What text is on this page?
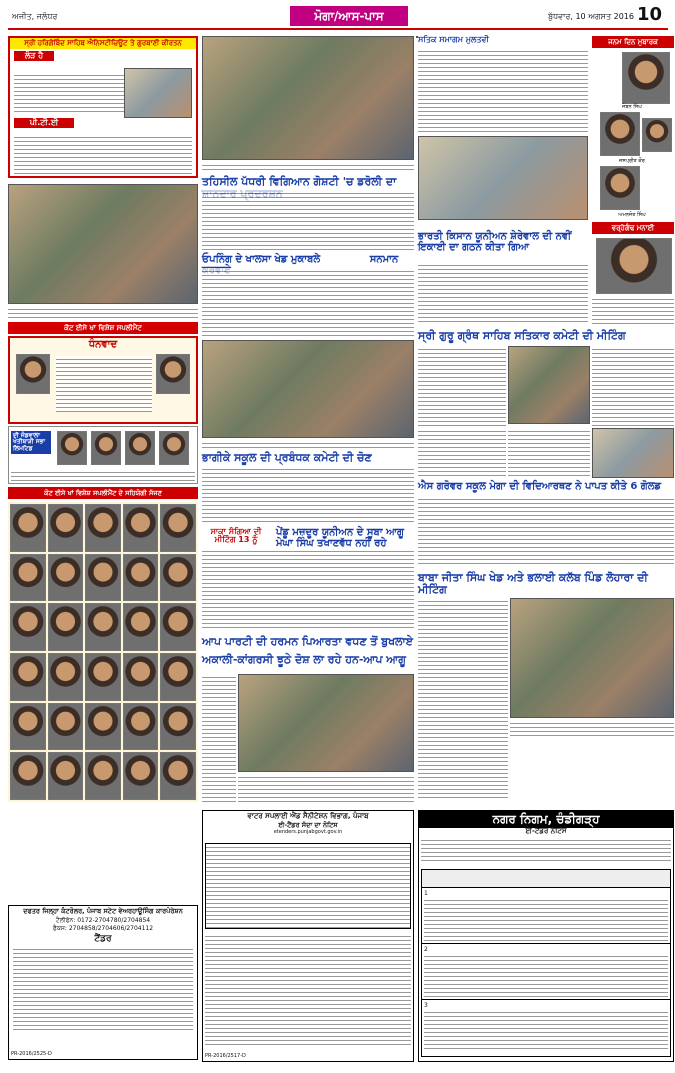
ਅਜੀਤ, ਜਲੰਧਰ	ਮੋਗਾ/ਆਸ-ਪਾਸ	ਬੁੱਧਵਾਰ, 10 ਅਗਸਤ 2016 10
ਸ੍ਰੀ ਹਰਿਗੋਬਿੰਦ ਸਾਹਿਬ ਐਨਿਸਟੀਚਿਊਟ ਤੇ ਗੁਰਬਾਣੀ ਕੀਰਤਨ
ਲੋੜ ਹੈ
ਪੀ.ਟੀ.ਈ
ਕੋਟ ਈਸੇ ਖਾਂ ਵਿਸ਼ੇਸ਼ ਸਪਲੀਮੈਂਟ
ਧੰਨਵਾਦ
ਦੀ ਜੰਡਵਾਲਾ ਖੇਤੀਬਾੜੀ ਸਭਾ ਲਿਮਟਿਡ
ਕੋਟ ਈਸੇ ਖਾਂ ਵਿਸ਼ੇਸ਼ ਸਪਲੀਮੈਂਟ ਦੇ ਸਹਿਯੋਗੀ ਸੱਜਣ
ਦਫਤਰ ਜਿਲ੍ਹਾ ਕੰਟਰੋਲਰ, ਪੰਜਾਬ ਸਟੇਟ ਵੇਅਰਹਾਊਸਿੰਗ ਕਾਰਪੋਰੇਸ਼ਨ
ਟੈਲੀਫੋਨ: 0172-2704780/2704854
ਫੈਕਸ: 2704858/2704606/2704112
ਟੈਂਡਰ
PR-2016/2525-D
ਤਹਿਸੀਲ ਪੱਧਰੀ ਵਿਗਿਆਨ ਗੋਸ਼ਟੀ 'ਚ ਡਰੋਲੀ ਦਾ
ਓਪਨਿੰਗ ਦੇ ਖਾਲਸਾ ਖੇਡ ਮੁਕਾਬਲੇ	ਸਨਮਾਨ
ਭਾਗੀਕੇ ਸਕੂਲ ਦੀ ਪ੍ਰਬੰਧਕ ਕਮੇਟੀ ਦੀ ਚੋਣ
ਸਾਕਾ ਸੰਗਿਆ ਦੀ ਮੀਟਿੰਗ 13 ਨੂੰ
ਪੇਂਡੂ ਮਜ਼ਦੂਰ ਯੂਨੀਅਨ ਦੇ ਸੂਬਾ ਆਗੂ ਮੇਘਾ ਸਿੰਘ ਤਖਾਣਵੱਧ ਨਹੀਂ ਰਹੇ
ਆਪ ਪਾਰਟੀ ਦੀ ਹਰਮਨ ਪਿਆਰਤਾ ਵਧਣ ਤੋਂ ਬੁਖਲਾਏ
ਅਕਾਲੀ-ਕਾਂਗਰਸੀ ਝੂਠੇ ਦੋਸ਼ ਲਾ ਰਹੇ ਹਨ-ਆਪ ਆਗੂ
ਸਤਿਕ ਸਮਾਗਮ ਮੁਲਤਵੀ
ਭਾਰਤੀ ਕਿਸਾਨ ਯੂਨੀਅਨ ਸ਼ੇਰੇਵਾਲ ਦੀ ਨਵੀਂ ਇਕਾਈ ਦਾ ਗਠਨ ਕੀਤਾ ਗਿਆ
ਸ੍ਰੀ ਗੁਰੂ ਗ੍ਰੰਥ ਸਾਹਿਬ ਸਤਿਕਾਰ ਕਮੇਟੀ ਦੀ ਮੀਟਿੰਗ
ਐਸ ਗਰੋਵਰ ਸਕੂਲ ਮੇਗਾ ਦੀ ਵਿਦਿਆਰਥਣ ਨੇ ਪਾਪਤ ਕੀਤੇ 6 ਗੋਲਡ
ਬਾਬਾ ਜੀਤਾ ਸਿੰਘ ਖੇਡ ਅਤੇ ਭਲਾਈ ਕਲੱਬ ਪਿੰਡ ਲੋਹਾਰਾ ਦੀ ਮੀਟਿੰਗ
ਜਨਮ ਦਿਨ ਮੁਬਾਰਕ
ਜੋਬਨ ਸਿੰਘ
ਜਸਪ੍ਰੀਤ ਕੌਰ
ਅਮਨਜੋਤ ਸਿੰਘ
ਵਰ੍ਹੇਗੰਢ ਮਨਾਈ
ਨਗਰ ਨਿਗਮ, ਚੰਡੀਗੜ੍ਹ
ਈ-ਟੈਂਡਰ ਨੋਟਿਸ
1
2
3
ਵਾਟਰ ਸਪਲਾਈ ਐਂਡ ਸੈਨੀਟੇਸ਼ਨ ਵਿਭਾਗ, ਪੰਜਾਬ
ਈ-ਟੈਂਡਰ ਸੱਦਾ ਦਾ ਨੋਟਿਸ
etenders.punjabgovt.gov.in
PR-2016/2517-D
